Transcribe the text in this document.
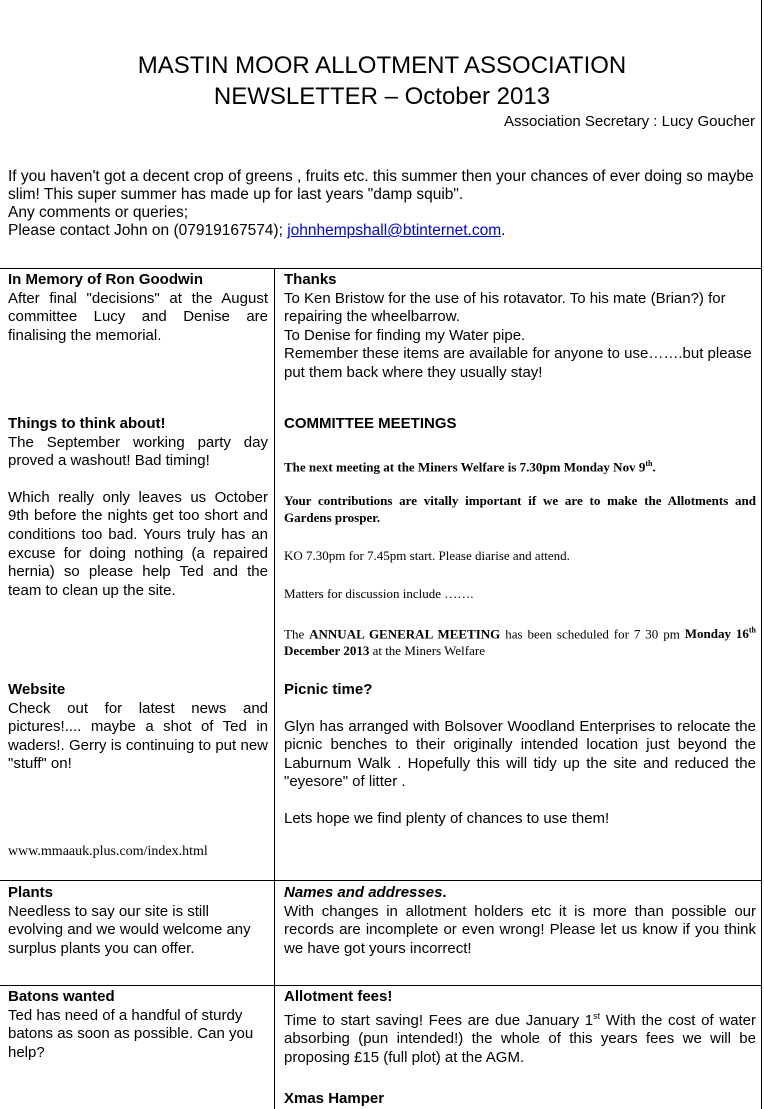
MASTIN MOOR ALLOTMENT ASSOCIATION
NEWSLETTER – October 2013
Association Secretary : Lucy Goucher

If you haven't got a decent crop of greens , fruits etc. this summer then your chances of ever doing so maybe slim! This super summer has made up for last years "damp squib".

Any comments or queries;

Please contact John on (07919167574); johnhempshall@btinternet.com.

In Memory of Ron Goodwin

After final "decisions" at the August committee Lucy and Denise are finalising the memorial.

Things to think about!

The September working party day proved a washout! Bad timing!

Which really only leaves us October 9th before the nights get too short and conditions too bad. Yours truly has an excuse for doing nothing (a repaired hernia) so please help Ted and the team to clean up the site.

Website

Check out for latest news and pictures!.... maybe a shot of Ted in waders!. Gerry is continuing to put new "stuff" on!

www.mmaauk.plus.com/index.html

Plants

Needless to say our site is still evolving and we would welcome any surplus plants you can offer.

Batons wanted

Ted has need of a handful of sturdy batons as soon as possible. Can you help?

Thanks

To Ken Bristow for the use of his rotavator. To his mate (Brian?) for repairing the wheelbarrow.

To Denise for finding my Water pipe.

Remember these items are available for anyone to use…….but please put them back where they usually stay!

COMMITTEE MEETINGS

The next meeting at the Miners Welfare is 7.30pm Monday Nov 9th.
Your contributions are vitally important if we are to make the Allotments and Gardens prosper.
KO 7.30pm for 7.45pm start. Please diarise and attend.
Matters for discussion include …….
The ANNUAL GENERAL MEETING has been scheduled for 7 30 pm Monday 16th December 2013 at the Miners Welfare

Picnic time?

Glyn has arranged with Bolsover Woodland Enterprises to relocate the picnic benches to their originally intended location just beyond the Laburnum Walk . Hopefully this will tidy up the site and reduced the "eyesore" of litter .

Lets hope we find plenty of chances to use them!

Names and addresses.

With changes in allotment holders etc it is more than possible our records are incomplete or even wrong! Please let us know if you think we have got yours incorrect!

Allotment fees!

Time to start saving! Fees are due January 1st With the cost of water absorbing (pun intended!) the whole of this years fees we will be proposing £15 (full plot) at the AGM.

Xmas Hamper
